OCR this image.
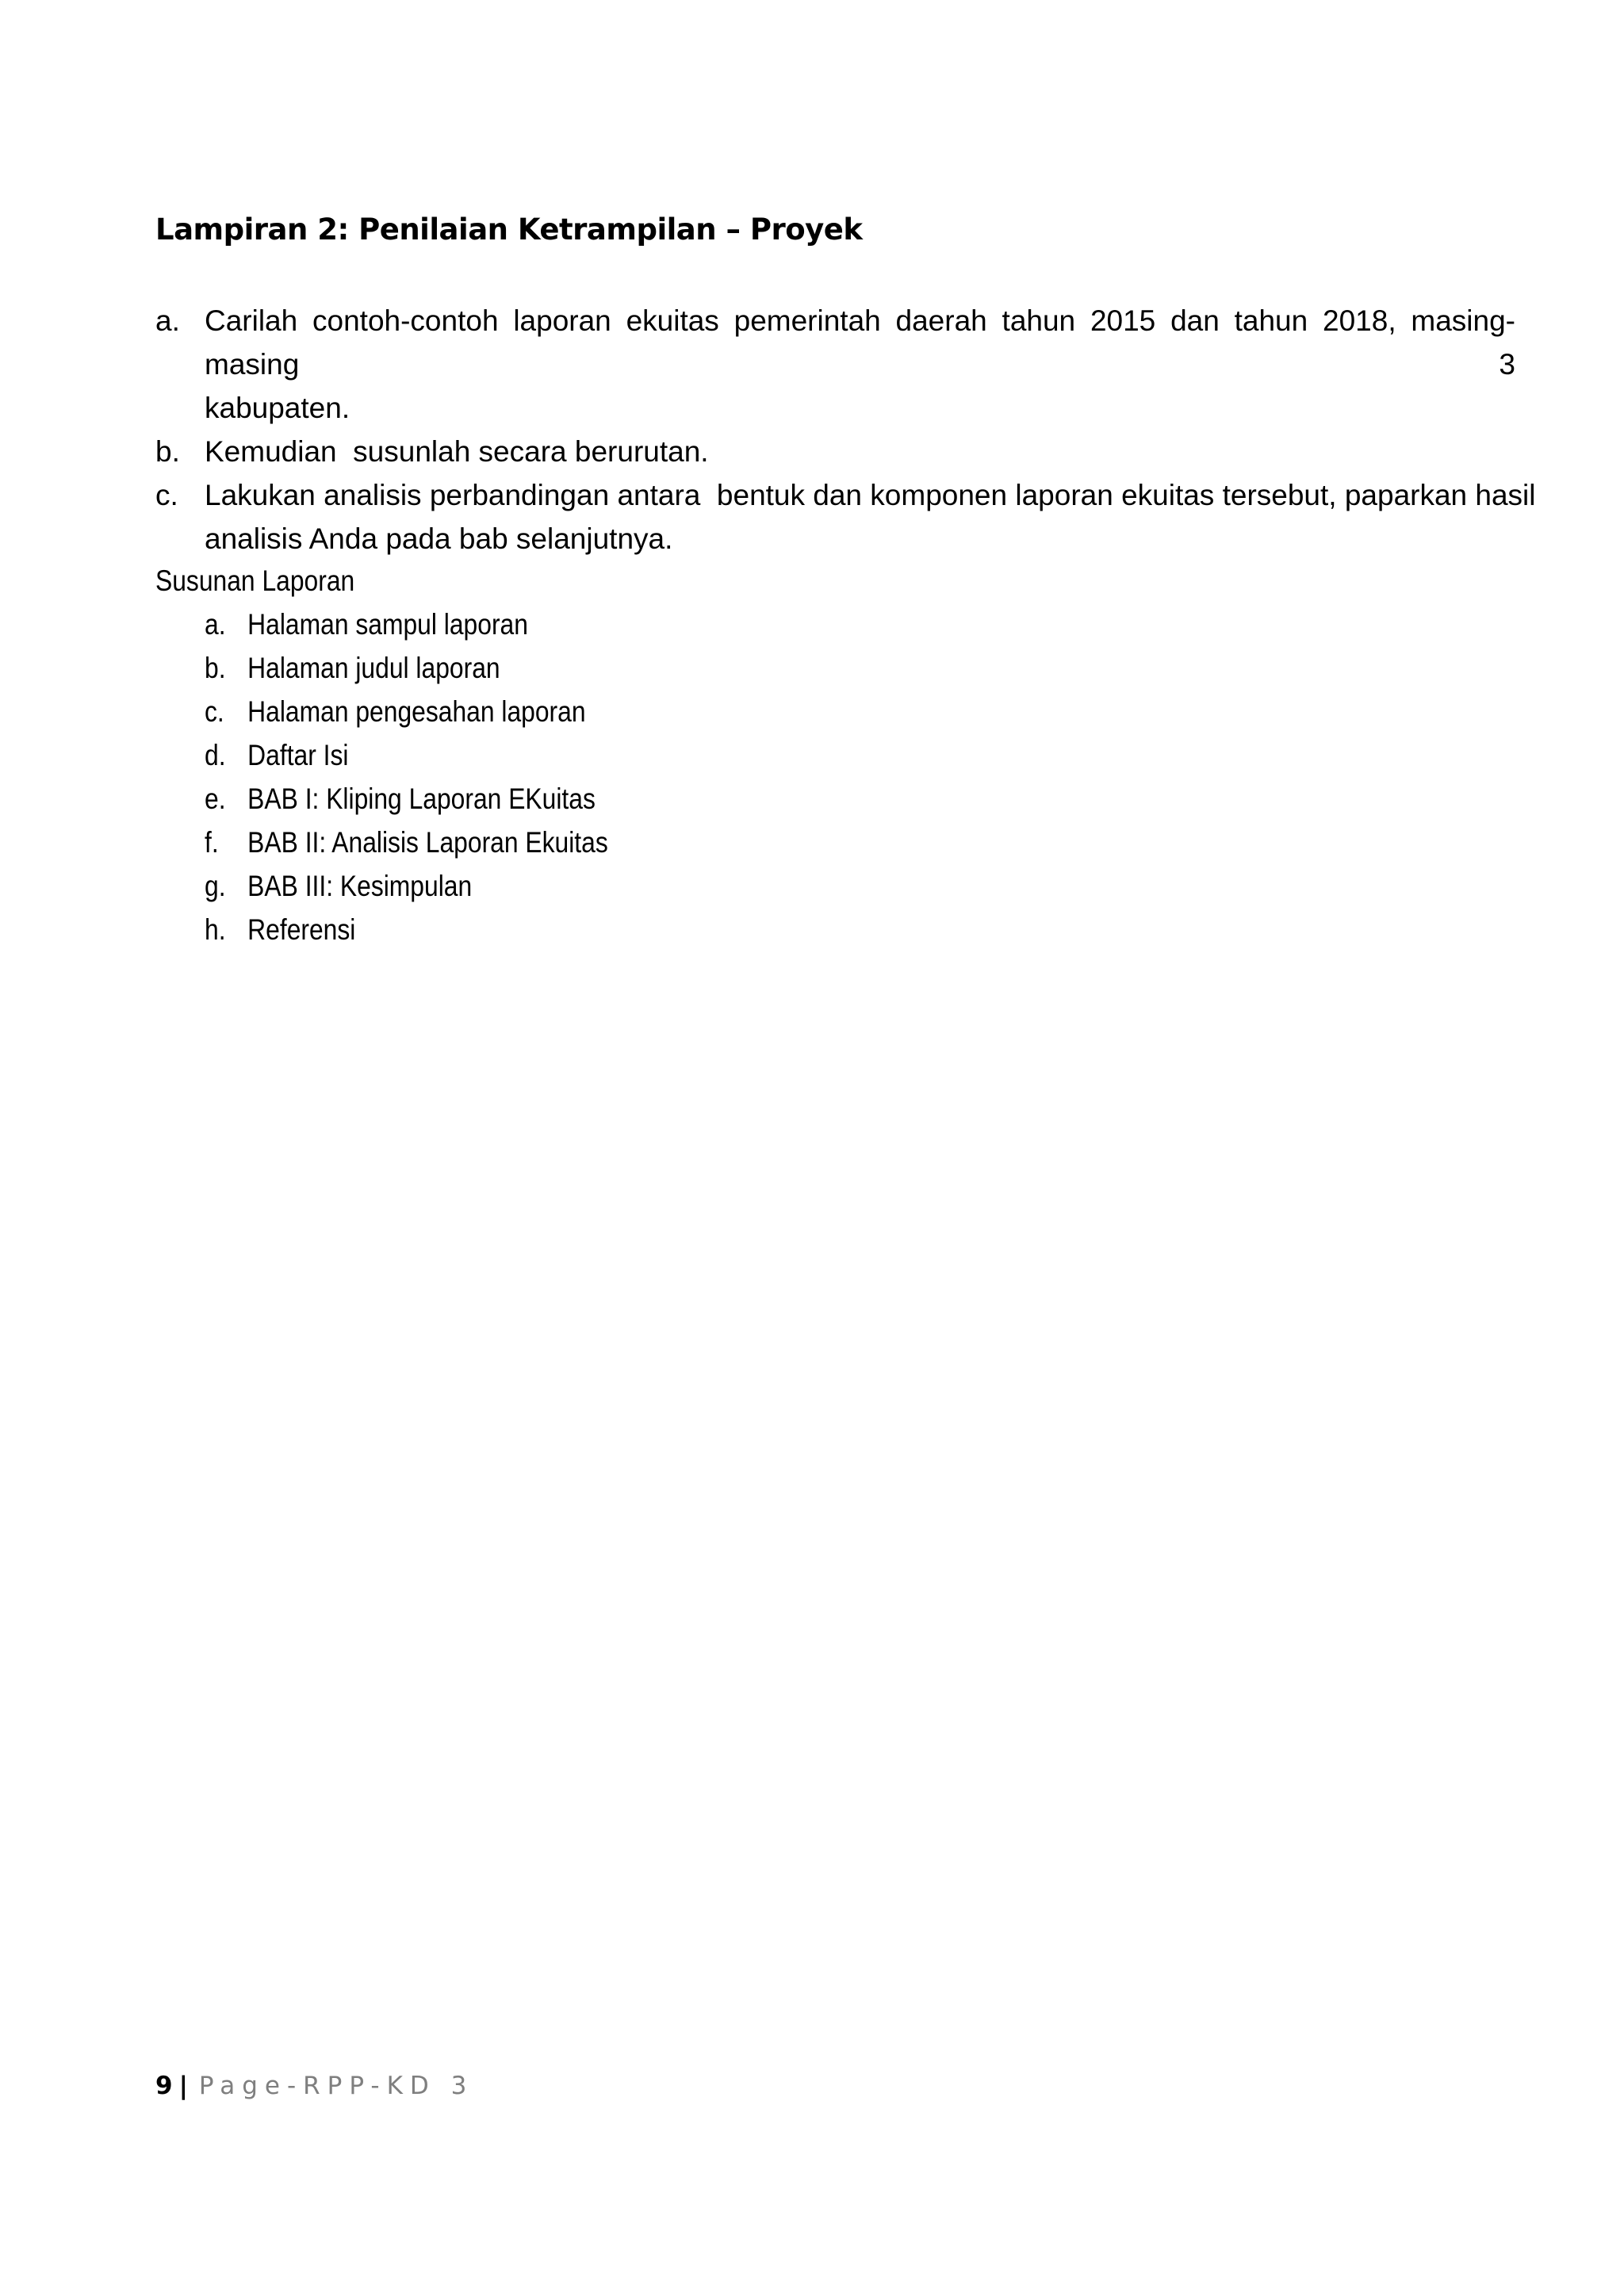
Lampiran 2: Penilaian Ketrampilan – Proyek
a. Carilah contoh-contoh laporan ekuitas pemerintah daerah tahun 2015 dan tahun 2018, masing-masing 3
kabupaten.
b. Kemudian  susunlah secara berurutan.
c. Lakukan analisis perbandingan antara  bentuk dan komponen laporan ekuitas tersebut, paparkan hasil
analisis Anda pada bab selanjutnya.
Susunan Laporan
a. Halaman sampul laporan
b. Halaman judul laporan
c. Halaman pengesahan laporan
d. Daftar Isi
e. BAB I: Kliping Laporan EKuitas
f. BAB II: Analisis Laporan Ekuitas
g. BAB III: Kesimpulan
h. Referensi
9 | Page-RPP-KD 3
